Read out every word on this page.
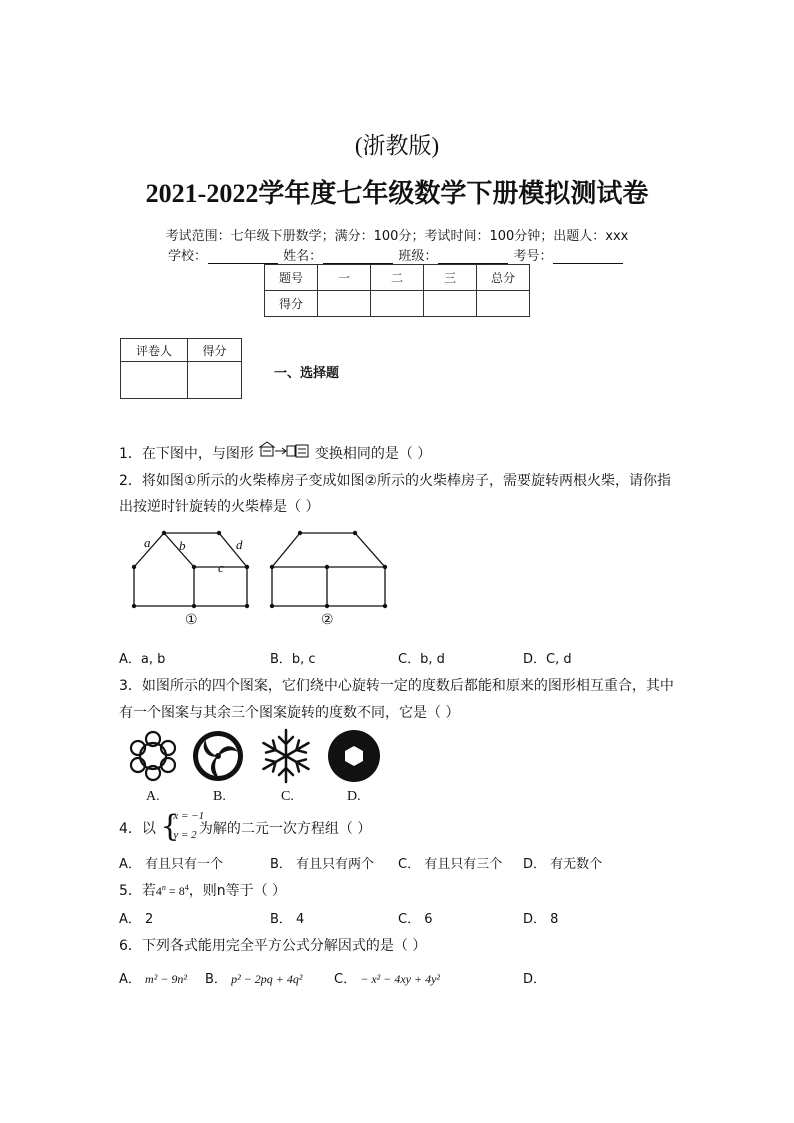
(浙教版)
2021-2022学年度七年级数学下册模拟测试卷
考试范围：七年级下册数学；满分：100分；考试时间：100分钟；出题人：xxx
学校：	姓名：	班级：	考号：
题号	一	二	三	总分
得分				
评卷人	得分

一、选择题
1．在下图中，与图形	变换相同的是（ ）
2．将如图①所示的火柴棒房子变成如图②所示的火柴棒房子，需要旋转两根火柴，请你指
出按逆时针旋转的火柴棒是（ ）
a b
c
d
①	②
A．a, b	B．b, c	C．b, d	D．C, d
3．如图所示的四个图案，它们绕中心旋转一定的度数后都能和原来的图形相互重合，其中
有一个图案与其余三个图案旋转的度数不同，它是（ ）
A.	B.	C.	D.
4．以 {
x = −1
y = 2 为解的二元一次方程组（ ）
A． 有且只有一个	B． 有且只有两个 C． 有且只有三个 D． 有无数个
5．若$4^n = 8^4$，则n等于（ ）
A． 2	B． 4	C． 6	D． 8
6．下列各式能用完全平方公式分解因式的是（ ）
A． m² − 9n² B． p² − 2pq + 4q² C． − x² − 4xy + 4y²	D．
